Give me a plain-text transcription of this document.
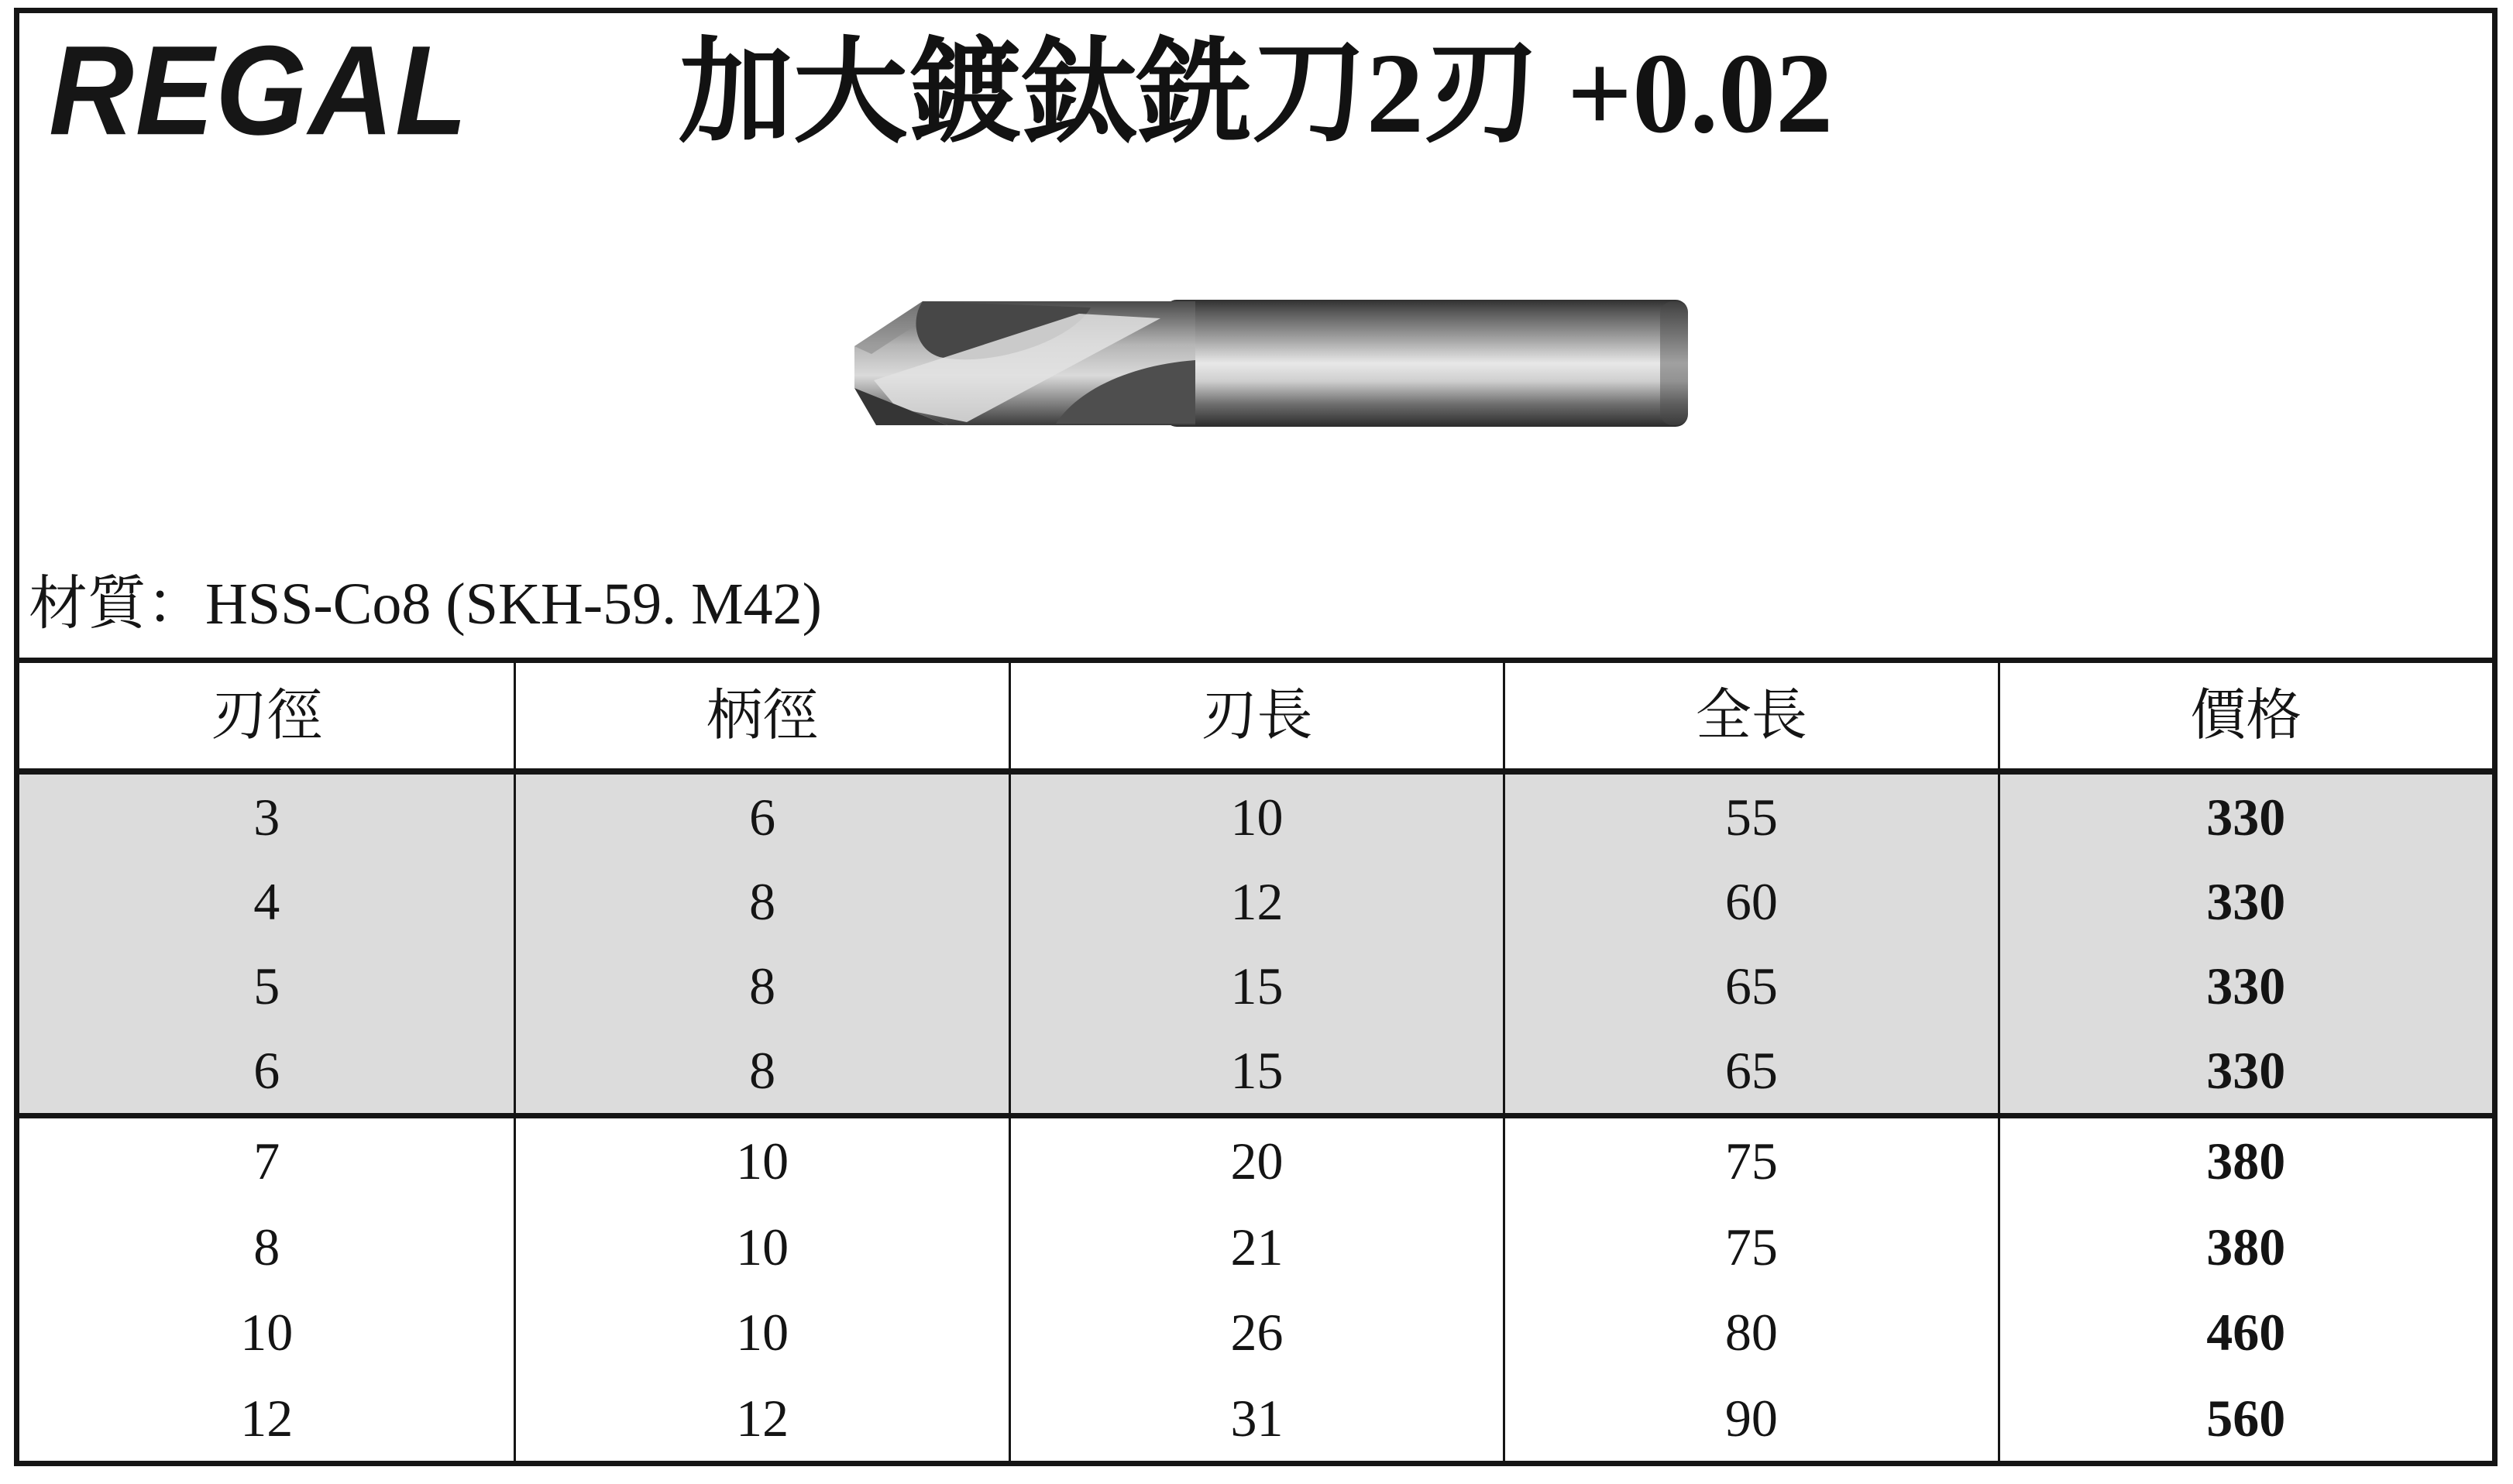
REGAL 加大鍍鈦銑刀2刃 +0.02
材質：HSS-Co8 (SKH-59. M42)
刃徑	柄徑	刃長	全長	價格
3	6	10	55	330
4	8	12	60	330
5	8	15	65	330
6	8	15	65	330
7	10	20	75	380
8	10	21	75	380
10	10	26	80	460
12	12	31	90	560
